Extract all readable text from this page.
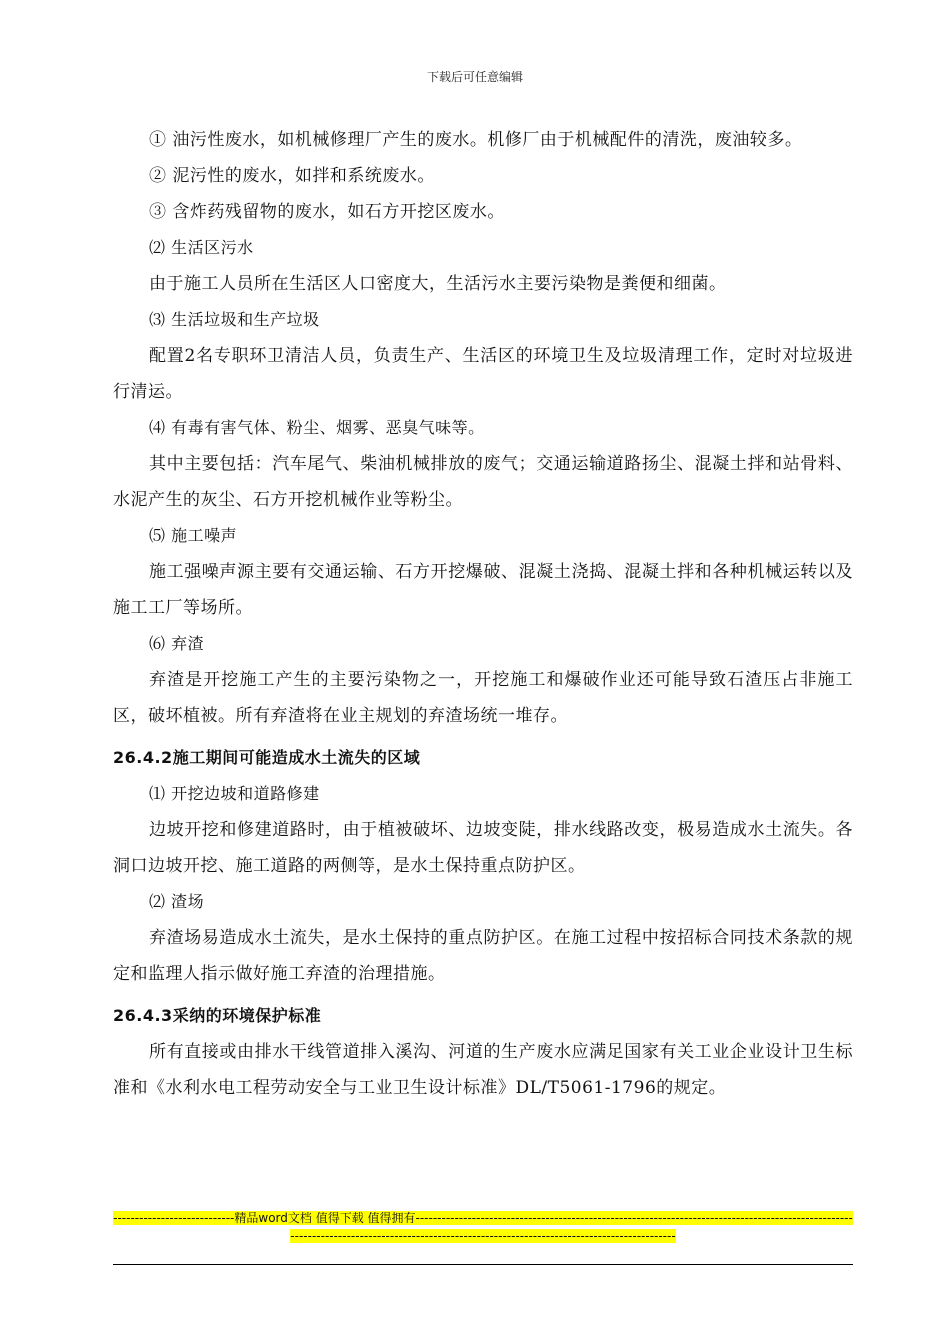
下载后可任意编辑

① 油污性废水，如机械修理厂产生的废水。机修厂由于机械配件的清洗，废油较多。

② 泥污性的废水，如拌和系统废水。

③ 含炸药残留物的废水，如石方开挖区废水。

⑵ 生活区污水

由于施工人员所在生活区人口密度大，生活污水主要污染物是粪便和细菌。

⑶ 生活垃圾和生产垃圾

配置2名专职环卫清洁人员，负责生产、生活区的环境卫生及垃圾清理工作，定时对垃圾进行清运。

⑷ 有毒有害气体、粉尘、烟雾、恶臭气味等。

其中主要包括：汽车尾气、柴油机械排放的废气；交通运输道路扬尘、混凝土拌和站骨料、水泥产生的灰尘、石方开挖机械作业等粉尘。

⑸ 施工噪声

施工强噪声源主要有交通运输、石方开挖爆破、混凝土浇捣、混凝土拌和各种机械运转以及施工工厂等场所。

⑹ 弃渣

弃渣是开挖施工产生的主要污染物之一，开挖施工和爆破作业还可能导致石渣压占非施工区，破坏植被。所有弃渣将在业主规划的弃渣场统一堆存。

26.4.2施工期间可能造成水土流失的区域

⑴ 开挖边坡和道路修建

边坡开挖和修建道路时，由于植被破坏、边坡变陡，排水线路改变，极易造成水土流失。各洞口边坡开挖、施工道路的两侧等，是水土保持重点防护区。

⑵ 渣场

弃渣场易造成水土流失，是水土保持的重点防护区。在施工过程中按招标合同技术条款的规定和监理人指示做好施工弃渣的治理措施。

26.4.3采纳的环境保护标准

所有直接或由排水干线管道排入溪沟、河道的生产废水应满足国家有关工业企业设计卫生标准和《水利水电工程劳动安全与工业卫生设计标准》DL/T5061-1796的规定。

----------------------------精品word文档 值得下载 值得拥有----------------------------------------------------------------------------------------------------------------------------------------------------------------------------------------------
